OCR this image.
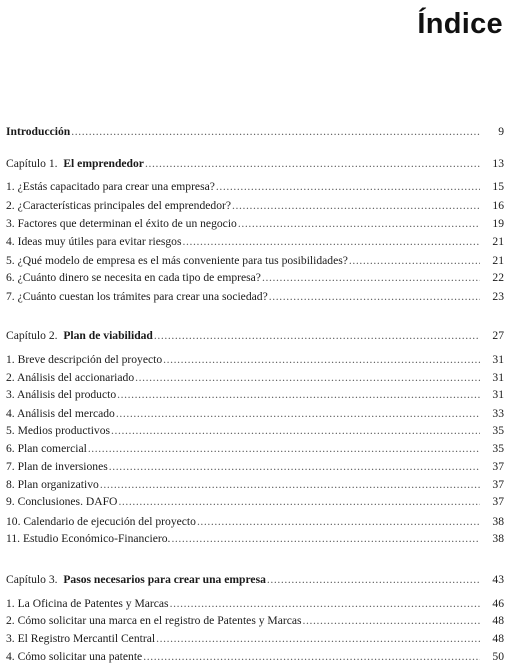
Índice
Introducción .....	9
Capítulo 1.  El emprendedor .....	13
1. ¿Estás capacitado para crear una empresa? .....	15
2. ¿Características principales del emprendedor? .....	16
3. Factores que determinan el éxito de un negocio .....	19
4. Ideas muy útiles para evitar riesgos .....	21
5. ¿Qué modelo de empresa es el más conveniente para tus posibilidades? .....	21
6. ¿Cuánto dinero se necesita en cada tipo de empresa? .....	22
7. ¿Cuánto cuestan los trámites para crear una sociedad? .....	23
Capítulo 2.  Plan de viabilidad .....	27
1. Breve descripción del proyecto .....	31
2. Análisis del accionariado .....	31
3. Análisis del producto .....	31
4. Análisis del mercado .....	33
5. Medios productivos .....	35
6. Plan comercial .....	35
7. Plan de inversiones .....	37
8. Plan organizativo .....	37
9. Conclusiones. DAFO .....	37
10. Calendario de ejecución del proyecto .....	38
11. Estudio Económico-Financiero. .....	38
Capítulo 3.  Pasos necesarios para crear una empresa .....	43
1. La Oficina de Patentes y Marcas .....	46
2. Cómo solicitar una marca en el registro de Patentes y Marcas .....	48
3. El Registro Mercantil Central .....	48
4. Cómo solicitar una patente .....	50
